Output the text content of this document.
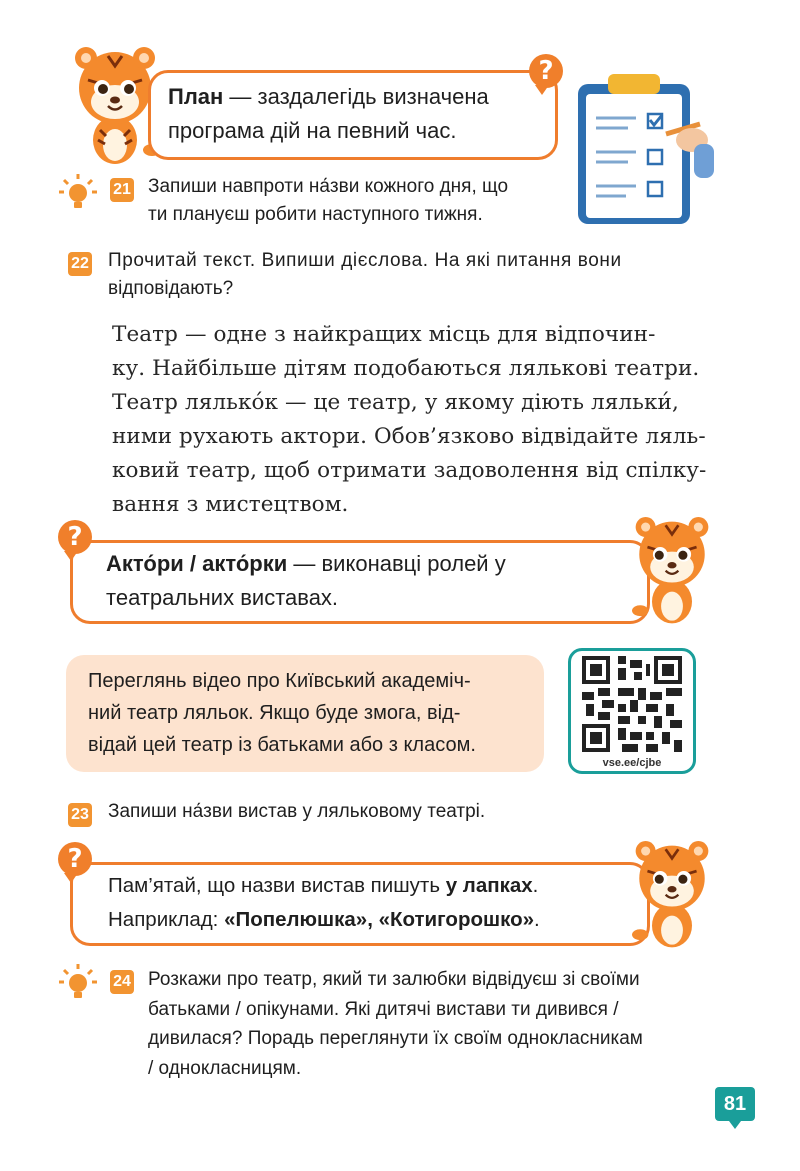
?
План — заздалегідь визначена
програма дій на певний час.
21 Запиши навпроти на́зви кожного дня, що
ти плануєш робити наступного тижня.
22 Прочитай текст. Випиши дієслова. На які питання вони
відповідають?
Театр — одне з найкращих місць для відпочин-
ку. Найбільше дітям подобаються лялькові театри.
Театр лялько́к — це театр, у якому діють ляльки́,
ними рухають актори. Обов’язково відвідайте ляль-
ковий театр, щоб отримати задоволення від спілку-
вання з мистецтвом.
?
Акто́ри / акто́рки — виконавці ролей у
театральних виставах.
Переглянь відео про Київський академіч-
ний театр ляльок. Якщо буде змога, від-
відай цей театр із батьками або з класом.
vse.ee/cjbe
23 Запиши на́зви вистав у ляльковому театрі.
?
Пам’ятай, що назви вистав пишуть у лапках.
Наприклад: «Попелюшка», «Котигорошко».
24 Розкажи про театр, який ти залюбки відвідуєш зі своїми
батьками / опікунами. Які дитячі вистави ти дивився /
дивилася? Порадь переглянути їх своїм однокласникам
/ однокласницям.
81
